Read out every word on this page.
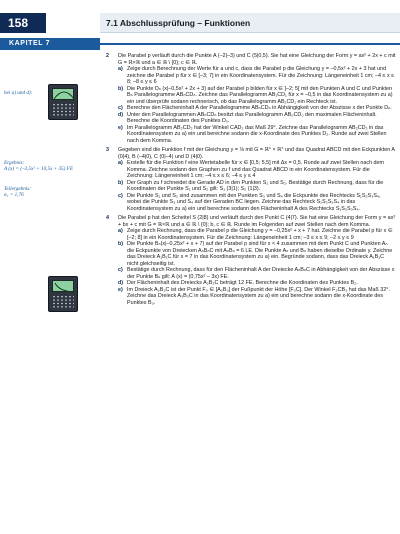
158	7.1 Abschlussprüfung – Funktionen
KAPITEL 7
bei a) und d):
Ergebnis:
A (x) = (–3,5x² + 10,5x + 35) FE
Teilergebnis:
α₁ = 1,76
2 Die Parabel p verläuft durch die Punkte A (–2|–3) und C (5|0,5). Sie hat eine Gleichung der Form y = ax² + 2x + c mit G = ℝ×ℝ und a ∈ ℝ \ {0}; c ∈ ℝ.
a) Zeige durch Berechnung der Werte für a und c, dass die Parabel p die Gleichung y = –0,5x² + 2x + 3 hat und zeichne die Parabel p für x ∈ [–3; 7] in ein Koordinatensystem. Für die Zeichnung: Längeneinheit 1 cm; –4 ≤ x ≤ 8; –8 ≤ y ≤ 6
b) Die Punkte Dₙ (x|–0,5x² + 2x + 3) auf der Parabel p bilden für x ∈ ]–2; 5[ mit den Punkten A und C und Punkten Bₙ Parallelogramme ABₙCDₙ. Zeichne das Parallelogramm AB₁CD₁ für x = –0,5 in das Koordinatensystem zu a) ein und überprüfe sodann rechnerisch, ob das Parallelogramm AB₁CD₁ ein Rechteck ist.
c) Berechne den Flächeninhalt A der Parallelogramme ABₙCDₙ in Abhängigkeit von der Abszisse x der Punkte Dₙ.
d) Unter den Parallelogrammen ABₙCDₙ besitzt das Parallelogramm AB₀CD₀ den maximalen Flächeninhalt. Berechne die Koordinaten des Punktes D₀.
e) Im Parallelogramm AB₂CD₂ hat der Winkel CAD₂ das Maß 29°. Zeichne das Parallelogramm AB₂CD₂ in das Koordinatensystem zu a) ein und berechne sodann die x-Koordinate des Punktes D₂. Runde auf zwei Stellen nach dem Komma.
3 Gegeben sind die Funktion f mit der Gleichung y = ⅛ mit G = ℝ° × ℝ° und das Quadrat ABCD mit den Eckpunkten A (0|4), B (–4|0), C (0|–4) und D (4|0).
a) Erstelle für die Funktion f eine Wertetabelle für x ∈ [0,5; 5,5] mit Δx = 0,5. Runde auf zwei Stellen nach dem Komma. Zeichne sodann den Graphen zu f und das Quadrat ABCD in ein Koordinatensystem. Für die Zeichnung: Längeneinheit 1 cm; –4 ≤ x ≤ 6; –4 ≤ y ≤ 4
b) Der Graph zu f schneidet die Gerade AD in den Punkten S₁ und S₂. Bestätige durch Rechnung, dass für die Koordinaten der Punkte S₁ und S₂ gilt: S₁ (3|1); S₂ (1|3).
c) Die Punkte S₁ und S₂ sind zusammen mit den Punkten S₃ und S₄ die Eckpunkte des Rechtecks S₁S₂S₃S₄, wobei die Punkte S₃ und S₄ auf der Geraden BC liegen. Zeichne das Rechteck S₁S₂S₃S₄ in das Koordinatensystem zu a) ein und berechne sodann den Flächeninhalt A des Rechtecks S₁S₂S₃S₄.
4 Die Parabel p hat den Scheitel S (2|8) und verläuft durch den Punkt C (4|7). Sie hat eine Gleichung der Form y = ax² + bx + c mit G = ℝ×ℝ und a ∈ ℝ \ {0}; b, c ∈ ℝ. Runde im Folgenden auf zwei Stellen nach dem Komma.
a) Zeige durch Rechnung, dass die Parabel p die Gleichung y = –0,25x² + x + 7 hat. Zeichne die Parabel p für x ∈ [–2; 8] in ein Koordinatensystem. Für die Zeichnung: Längeneinheit 1 cm; –3 ≤ x ≤ 9; –2 ≤ y ≤ 9
b) Die Punkte Bₙ(x|–0,25x² + x + 7) auf der Parabel p sind für x < 4 zusammen mit dem Punkt C und Punkten Aₙ die Eckpunkte von Dreiecken AₙBₙC mit AₙBₙ = 6 LE. Die Punkte Aₙ und Bₙ haben dieselbe Ordinate y. Zeichne das Dreieck A₁B₁C für x = 7 in das Koordinatensystem zu a) ein. Begründe sodann, dass das Dreieck A₁B₁C nicht gleichseitig ist.
c) Bestätige durch Rechnung, dass für den Flächeninhalt A der Dreiecke AₙBₙC in Abhängigkeit von der Abszisse x der Punkte Bₙ gilt: A (x) = (0,75x² – 3x) FE.
d) Der Flächeninhalt des Dreiecks A₂B₂C beträgt 12 FE. Berechne die Koordinaten des Punktes B₂.
e) Im Dreieck A₃B₃C ist der Punkt F₃ ∈ [A₃B₃] der Fußpunkt der Höhe [F₃C]. Der Winkel F₃CB₃ hat das Maß 32°. Zeichne das Dreieck A₃B₃C in das Koordinatensystem zu a) ein und berechne sodann die x-Koordinate des Punktes B₃.
